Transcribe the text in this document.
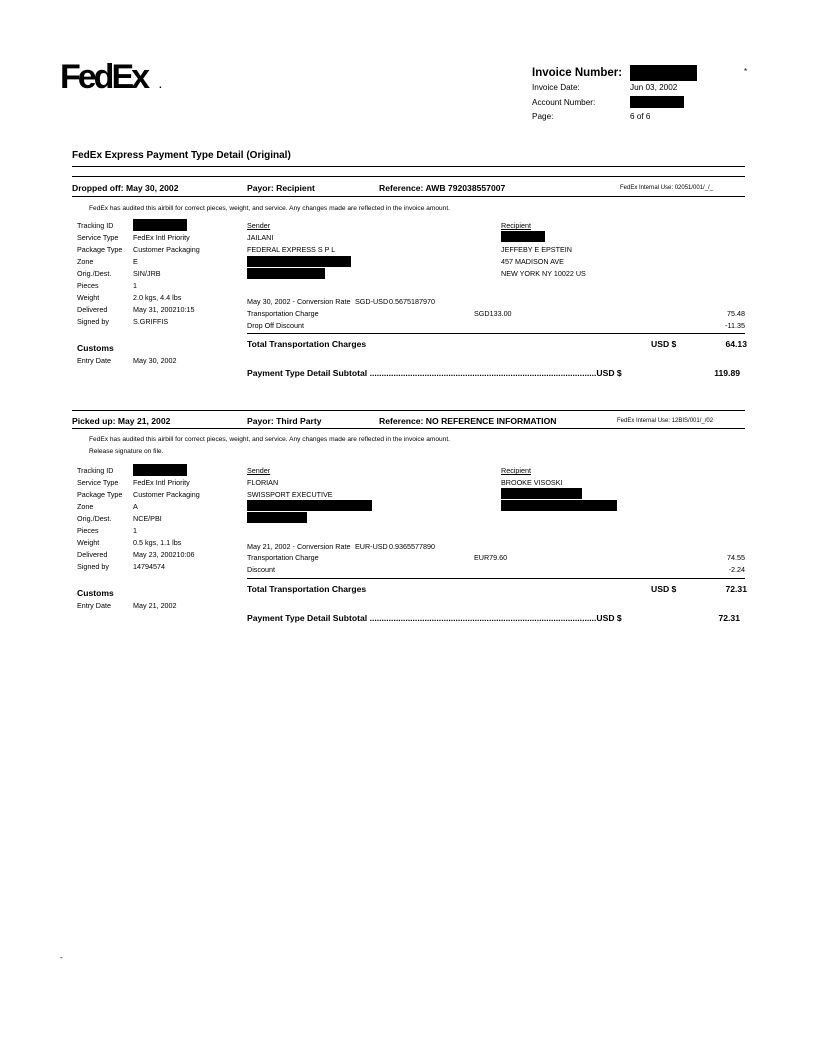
FedEx	.
Invoice Number:	*
Invoice Date:	Jun 03, 2002
Account Number:
Page:	6 of 6
FedEx Express Payment Type Detail (Original)
Dropped off: May 30, 2002	Payor: Recipient	Reference: AWB 792038557007	FedEx Internal Use: 02051/001/_/_
FedEx has audited this airbill for correct pieces, weight, and service. Any changes made are reflected in the invoice amount.
Tracking ID
Service Type FedEx Intl Priority
Package Type Customer Packaging
Zone	E
Orig./Dest.	SIN/JRB
Pieces	1
Weight	2.0 kgs, 4.4 lbs
Delivered	May 31, 200210:15
Signed by	S.GRIFFIS
Customs
Entry Date	May 30, 2002
Sender
JAILANI
FEDERAL EXPRESS S P L
Recipient
JEFFEBY E EPSTEIN
457 MADISON AVE
NEW YORK NY 10022 US
May 30, 2002 - Conversion Rate SGD-USD 0.5675187970
Transportation Charge	SGD133.00	75.48
Drop Off Discount	-11.35
Total Transportation Charges	USD $	64.13
Payment Type Detail Subtotal ...............................................................................................USD $	119.89
Picked up: May 21, 2002	Payor: Third Party	Reference: NO REFERENCE INFORMATION	FedEx Internal Use: 12BIS/001/_/02
FedEx has audited this airbill for correct pieces, weight, and service. Any changes made are reflected in the invoice amount.
Release signature on file.
Tracking ID
Service Type FedEx Intl Priority
Package Type Customer Packaging
Zone	A
Orig./Dest.	NCE/PBI
Pieces	1
Weight	0.5 kgs, 1.1 lbs
Delivered	May 23, 200210:06
Signed by	14794574
Customs
Entry Date	May 21, 2002
Sender
FLORIAN
SWISSPORT EXECUTIVE
Recipient
BROOKE VISOSKI
May 21, 2002 - Conversion Rate EUR-USD 0.9365577890
Transportation Charge	EUR79.60	74.55
Discount	-2.24
Total Transportation Charges	USD $	72.31
Payment Type Detail Subtotal ...............................................................................................USD $	72.31
-
